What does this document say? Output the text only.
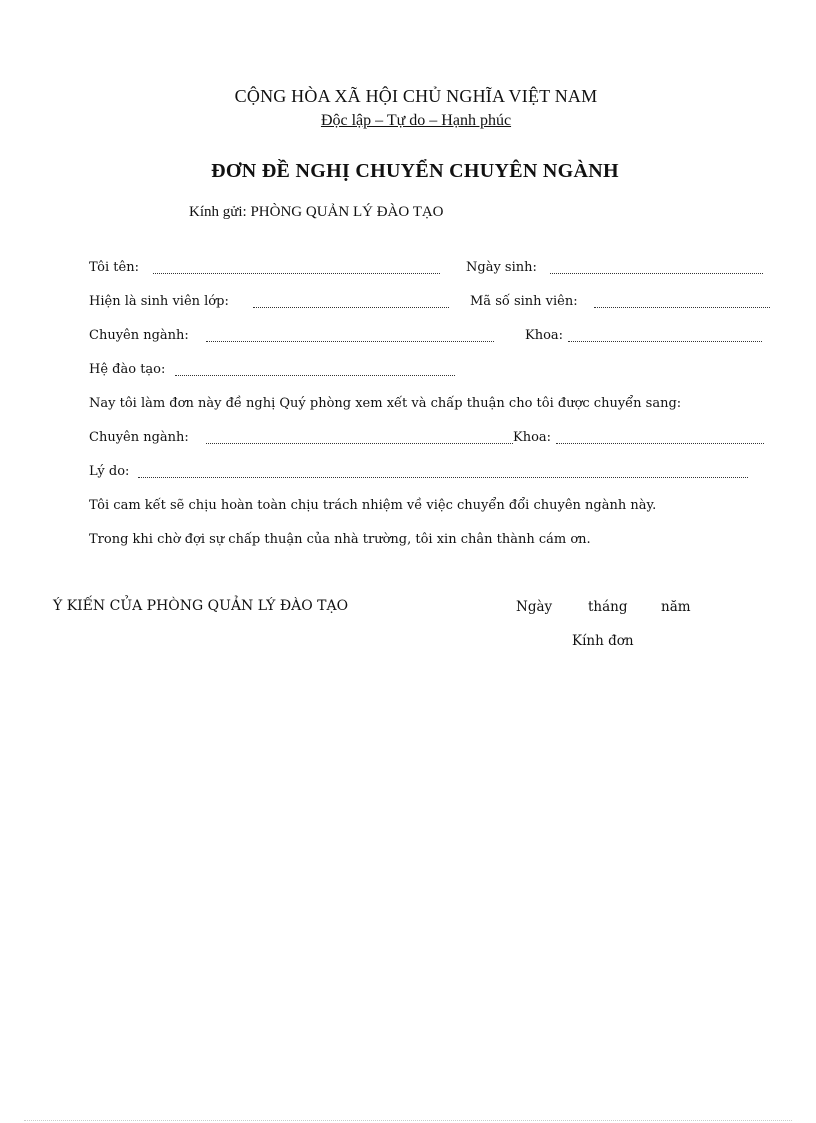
CỘNG HÒA XÃ HỘI CHỦ NGHĨA VIỆT NAM
Độc lập – Tự do – Hạnh phúc
ĐƠN ĐỀ NGHỊ CHUYỂN CHUYÊN NGÀNH
Kính gửi: PHÒNG QUẢN LÝ ĐÀO TẠO
Tôi tên:	Ngày sinh:
Hiện là sinh viên lớp:	Mã số sinh viên:
Chuyên ngành:	Khoa:
Hệ đào tạo:
Nay tôi làm đơn này đề nghị Quý phòng xem xết và chấp thuận cho tôi được chuyển sang:
Chuyên ngành:	Khoa:
Lý do:
Tôi cam kết sẽ chịu hoàn toàn chịu trách nhiệm về việc chuyển đổi chuyên ngành này.
Trong khi chờ đợi sự chấp thuận của nhà trường, tôi xin chân thành cám ơn.
Ý KIẾN CỦA PHÒNG QUẢN LÝ ĐÀO TẠO	Ngày	tháng năm
Kính đơn
